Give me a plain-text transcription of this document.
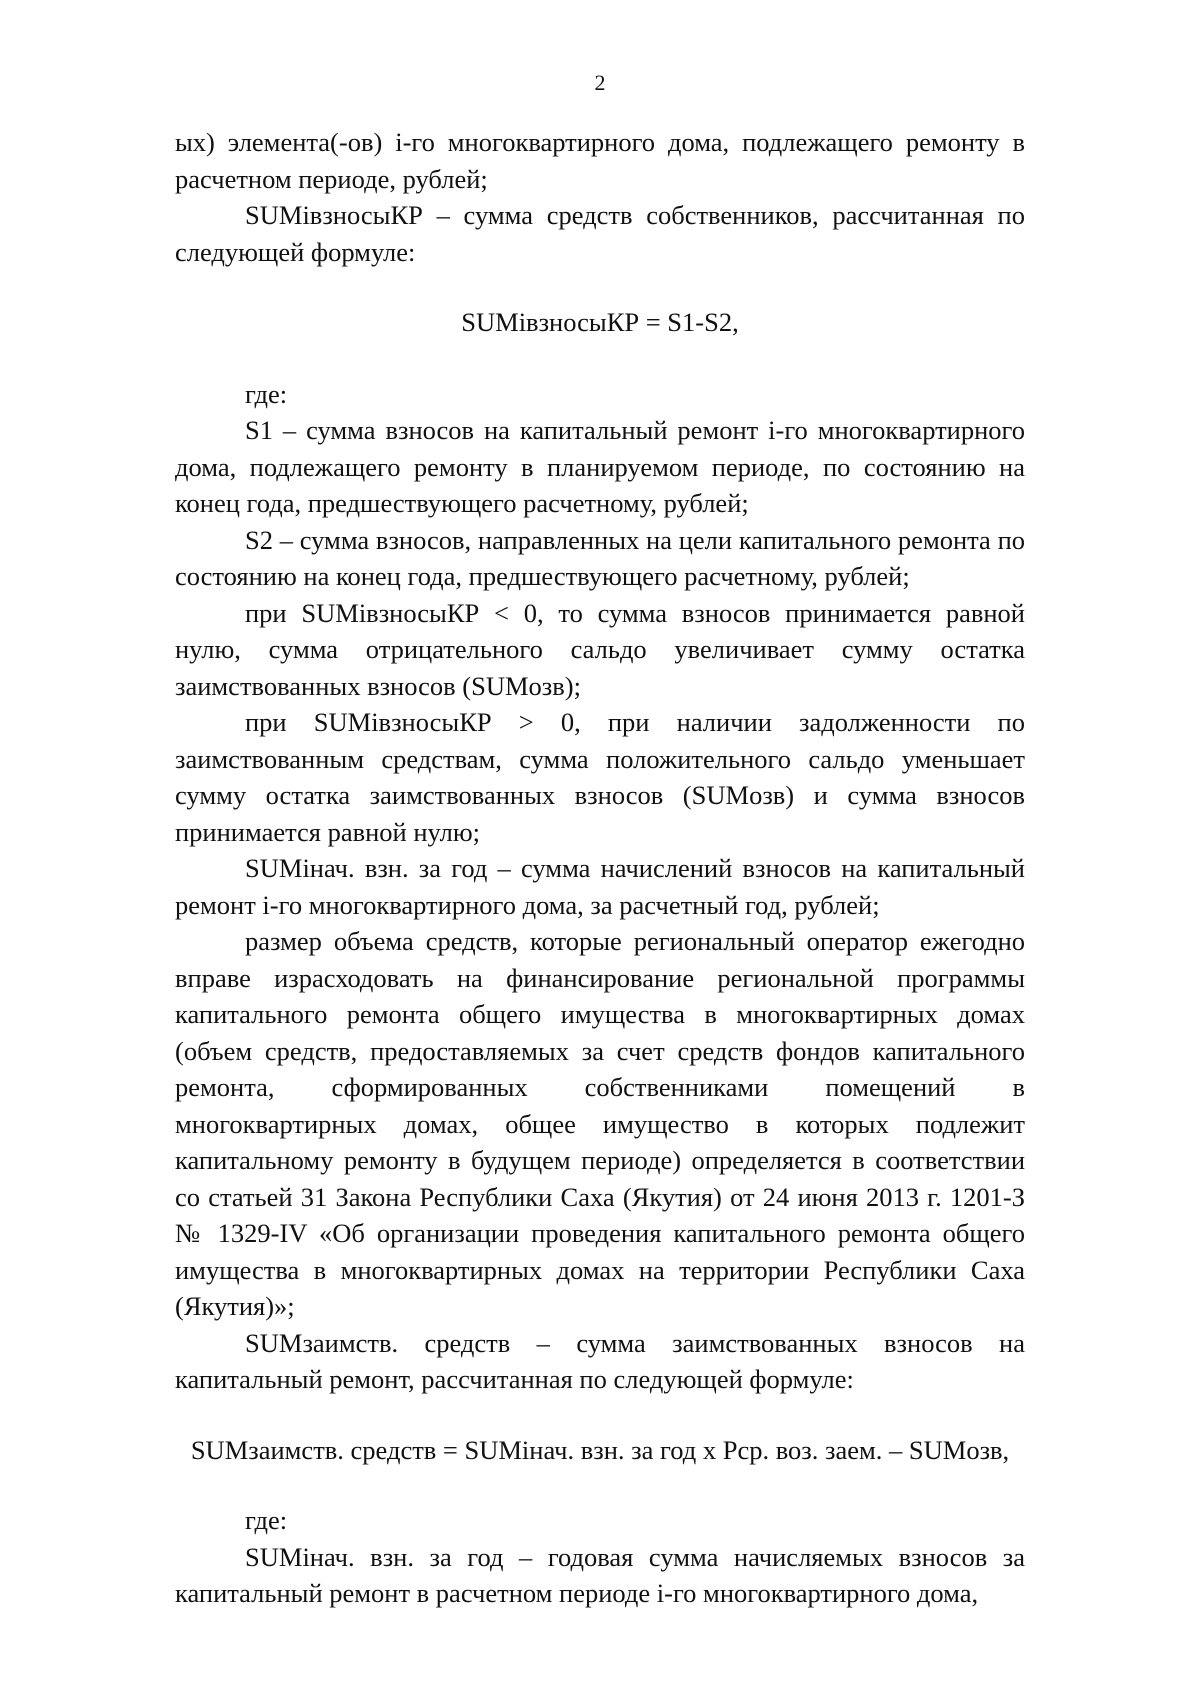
2

ых) элемента(-ов) i-го многоквартирного дома, подлежащего ремонту в расчетном периоде, рублей;

SUMiвзносыКР – сумма средств собственников, рассчитанная по следующей формуле:

SUMiвзносыКР = S1-S2,

где:

S1 – сумма взносов на капитальный ремонт i-го многоквартирного дома, подлежащего ремонту в планируемом периоде, по состоянию на конец года, предшествующего расчетному, рублей;

S2 – сумма взносов, направленных на цели капитального ремонта по состоянию на конец года, предшествующего расчетному, рублей;

при SUMiвзносыКР < 0, то сумма взносов принимается равной нулю, сумма отрицательного сальдо увеличивает сумму остатка заимствованных взносов (SUMозв);

при SUMiвзносыКР > 0, при наличии задолженности по заимствованным средствам, сумма положительного сальдо уменьшает сумму остатка заимствованных взносов (SUMозв) и сумма взносов принимается равной нулю;

SUMiнач. взн. за год – сумма начислений взносов на капитальный ремонт i-го многоквартирного дома, за расчетный год, рублей;

размер объема средств, которые региональный оператор ежегодно вправе израсходовать на финансирование региональной программы капитального ремонта общего имущества в многоквартирных домах (объем средств, предоставляемых за счет средств фондов капитального ремонта, сформированных собственниками помещений в многоквартирных домах, общее имущество в которых подлежит капитальному ремонту в будущем периоде) определяется в соответствии со статьей 31 Закона Республики Саха (Якутия) от 24 июня 2013 г. 1201-З № 1329-IV «Об организации проведения капитального ремонта общего имущества в многоквартирных домах на территории Республики Саха (Якутия)»;

SUMзаимств. средств – сумма заимствованных взносов на капитальный ремонт, рассчитанная по следующей формуле:

SUMзаимств. средств = SUMiнач. взн. за год х Рср. воз. заем. – SUMозв,

где:

SUMiнач. взн. за год – годовая сумма начисляемых взносов за капитальный ремонт в расчетном периоде i-го многоквартирного дома,
